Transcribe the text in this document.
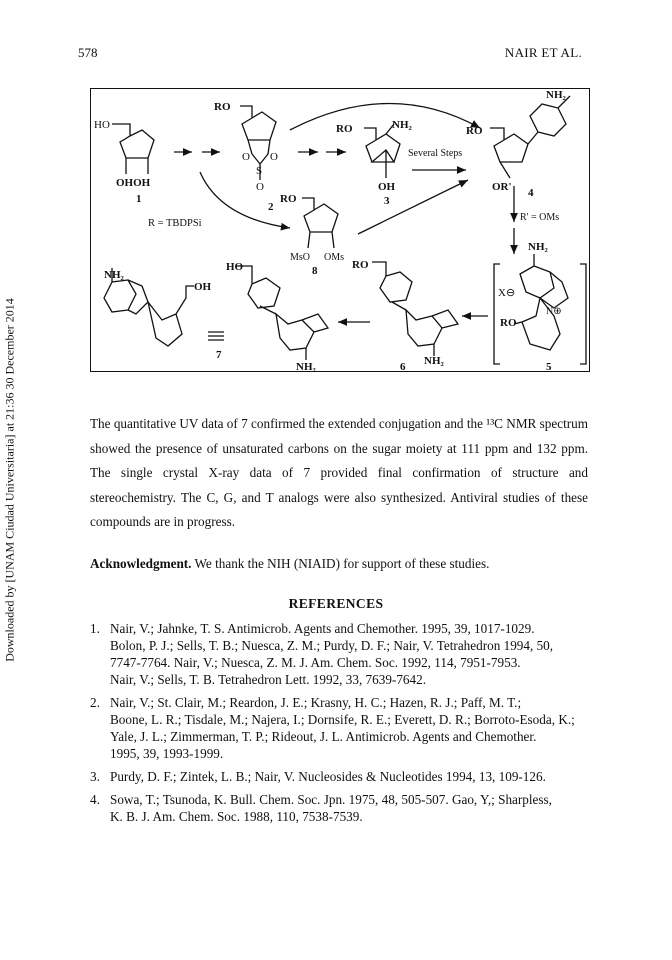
578	NAIR ET AL.
Downloaded by [UNAM Ciudad Universitaria] at 21:36 30 December 2014
HO
OHOH
1
RO
O O
S
O
2
RO	NH₂
OH
3
Several Steps
RO
NH₂
OR' 4
R' = OMs
R = TBDPSi
RO
MsO OMs
8
NH₂
OH
7
HO
NH₂
RO
NH₂
6
NH₂
X⊖
RO
N⊕
5
The quantitative UV data of 7 confirmed the extended conjugation and the ¹³C NMR spectrum showed the presence of unsaturated carbons on the sugar moiety at 111 ppm and 132 ppm. The single crystal X-ray data of 7 provided final confirmation of structure and stereochemistry. The C, G, and T analogs were also synthesized. Antiviral studies of these compounds are in progress.
Acknowledgment. We thank the NIH (NIAID) for support of these studies.
REFERENCES
1. Nair, V.; Jahnke, T. S. Antimicrob. Agents and Chemother. 1995, 39, 1017-1029.
Bolon, P. J.; Sells, T. B.; Nuesca, Z. M.; Purdy, D. F.; Nair, V. Tetrahedron 1994, 50,
7747-7764. Nair, V.; Nuesca, Z. M. J. Am. Chem. Soc. 1992, 114, 7951-7953.
Nair, V.; Sells, T. B. Tetrahedron Lett. 1992, 33, 7639-7642.
2. Nair, V.; St. Clair, M.; Reardon, J. E.; Krasny, H. C.; Hazen, R. J.; Paff, M. T.;
Boone, L. R.; Tisdale, M.; Najera, I.; Dornsife, R. E.; Everett, D. R.; Borroto-Esoda, K.;
Yale, J. L.; Zimmerman, T. P.; Rideout, J. L. Antimicrob. Agents and Chemother.
1995, 39, 1993-1999.
3. Purdy, D. F.; Zintek, L. B.; Nair, V. Nucleosides & Nucleotides 1994, 13, 109-126.
4. Sowa, T.; Tsunoda, K. Bull. Chem. Soc. Jpn. 1975, 48, 505-507. Gao, Y,; Sharpless,
K. B. J. Am. Chem. Soc. 1988, 110, 7538-7539.
